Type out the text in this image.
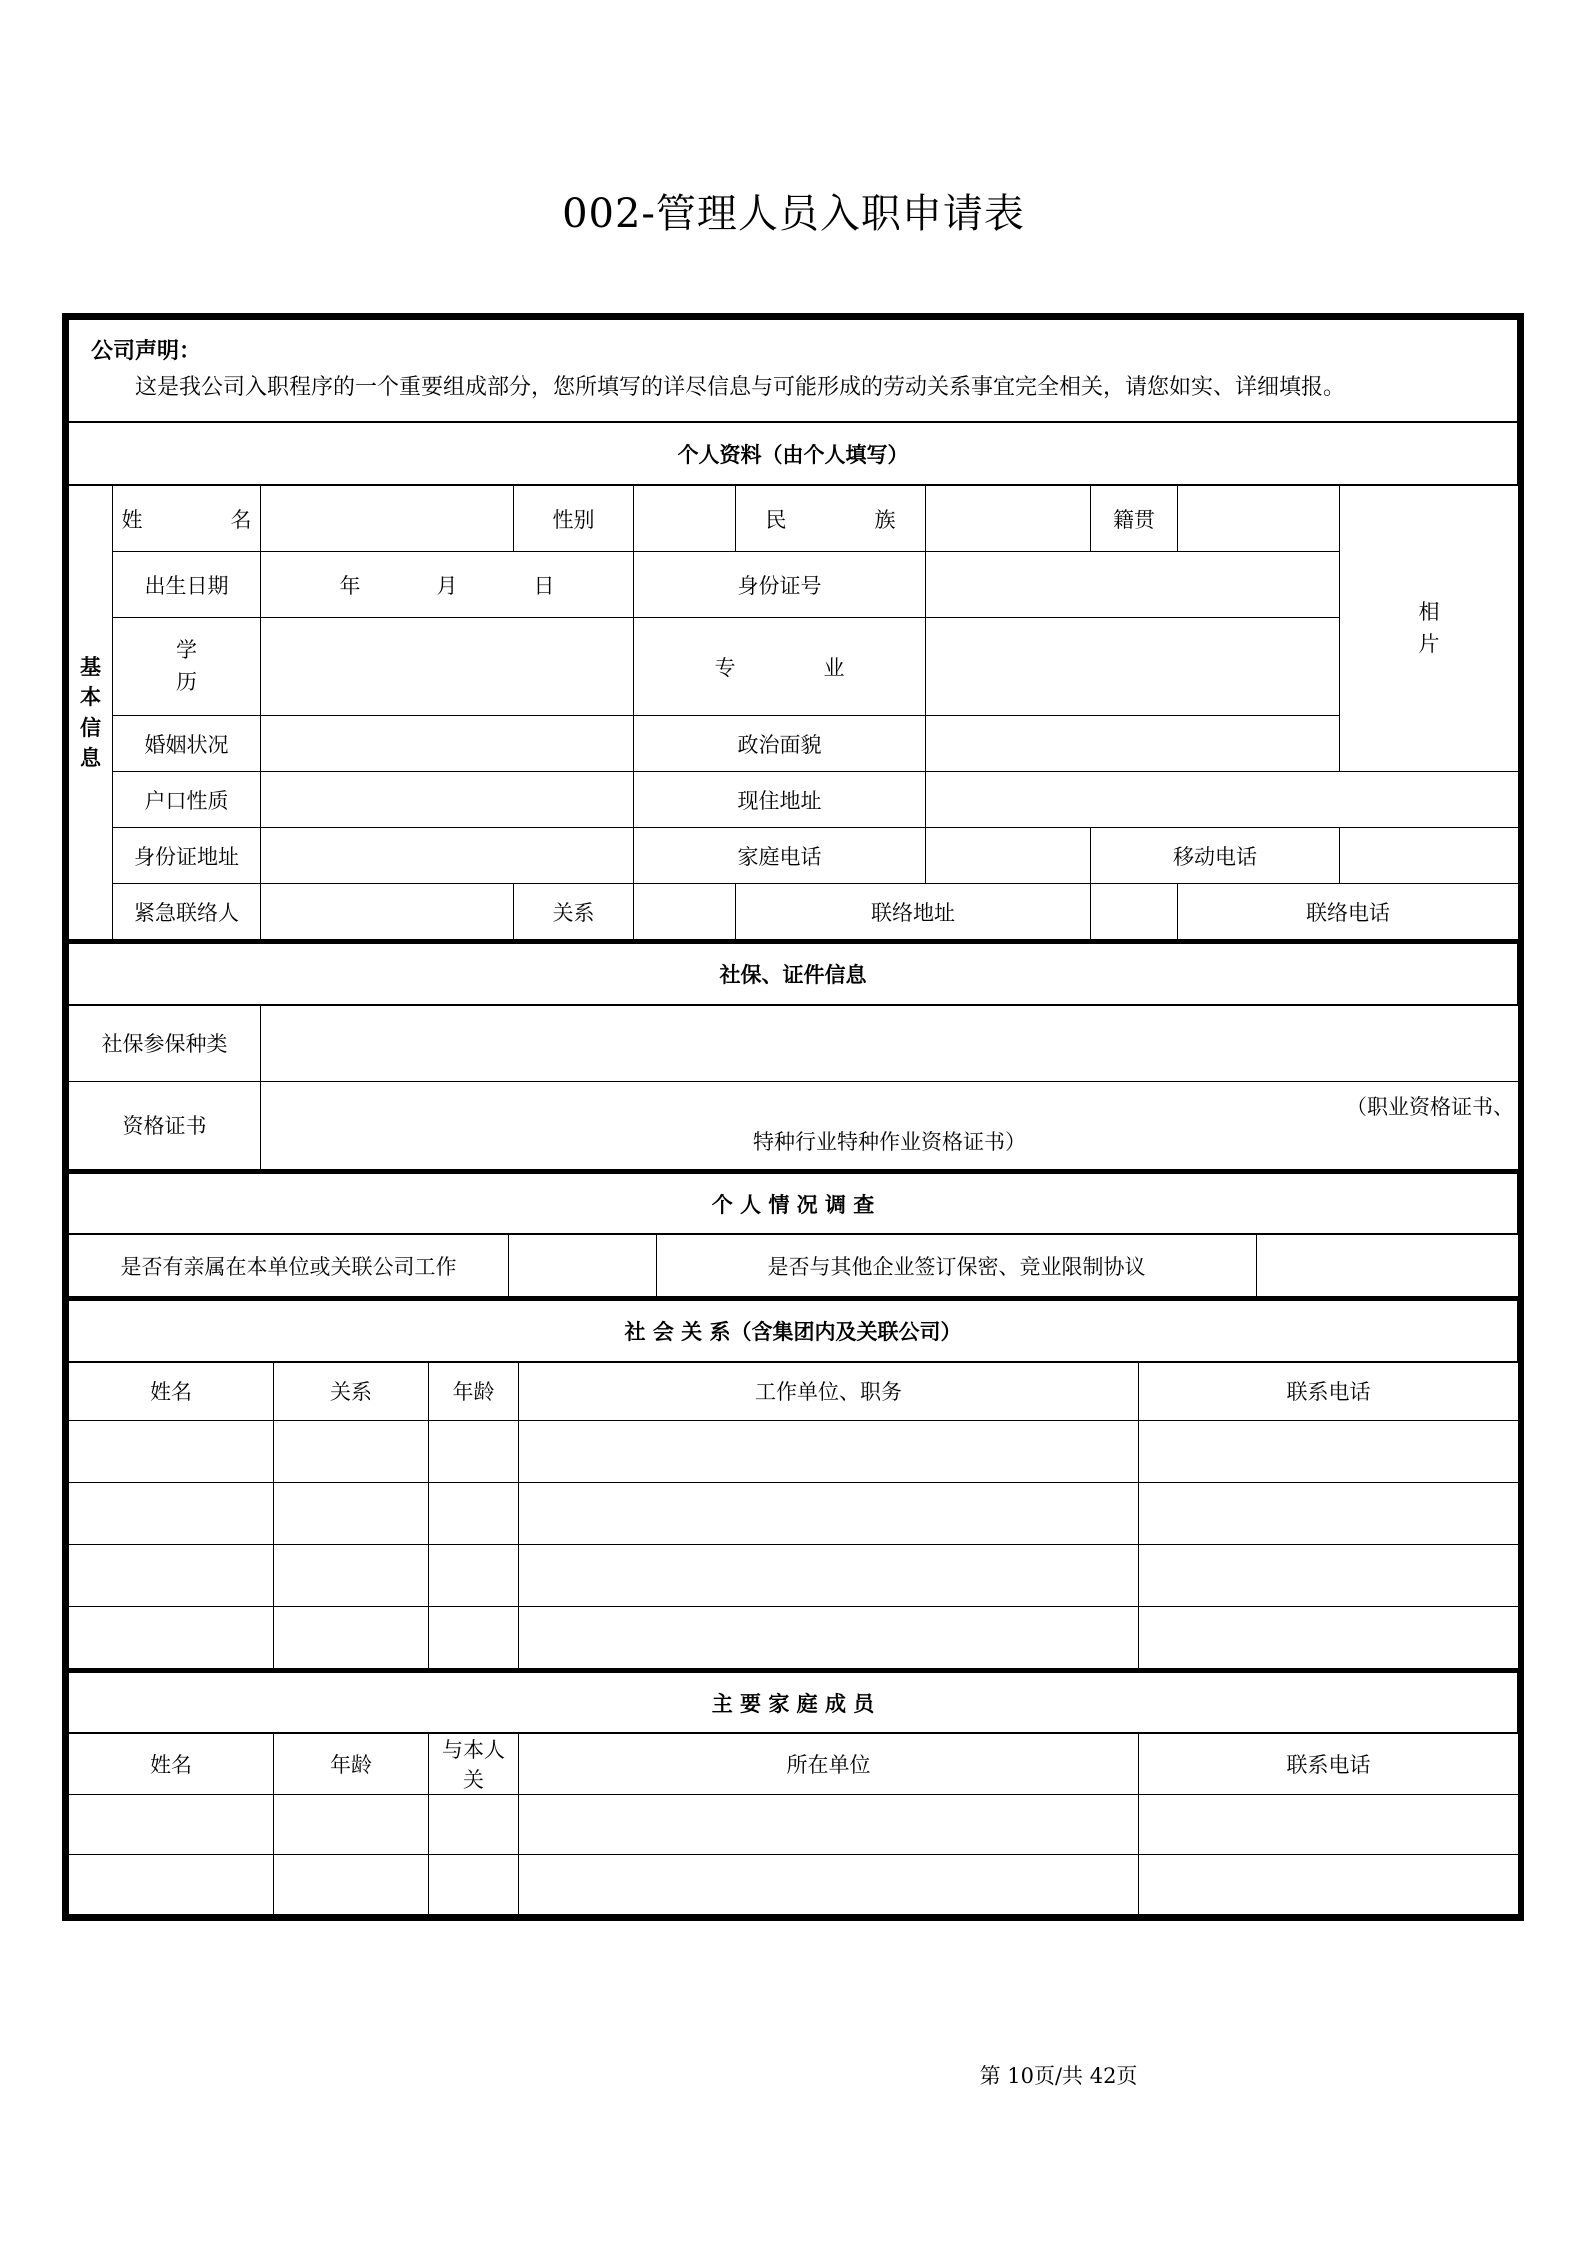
002-管理人员入职申请表
公司声明：
这是我公司入职程序的一个重要组成部分，您所填写的详尽信息与可能形成的劳动关系事宜完全相关，请您如实、详细填报。
个人资料（由个人填写）
基
本
信
息
	姓　　名		性别		民　　族		籍贯		
相
片

	出生日期	年　　月　　日		身份证号						

	学
历			专　　业						
	婚姻状况			政治面貌						
	户口性质			现住地址						
	身份证地址			家庭电话			移动电话			
	紧急联络人		关系		联络地址			联络电话		
社保、证件信息
社保参保种类	
资格证书	（职业资格证书、
特种行业特种作业资格证书）
个 人 情 况 调 查
是否有亲属在本单位或关联公司工作		是否与其他企业签订保密、竞业限制协议	
社 会 关 系（含集团内及关联公司）
姓名	关系	年龄	工作单位、职务	联系电话

主 要 家 庭 成 员
姓名	年龄	与本人关	所在单位	联系电话

第 10页/共 42页
